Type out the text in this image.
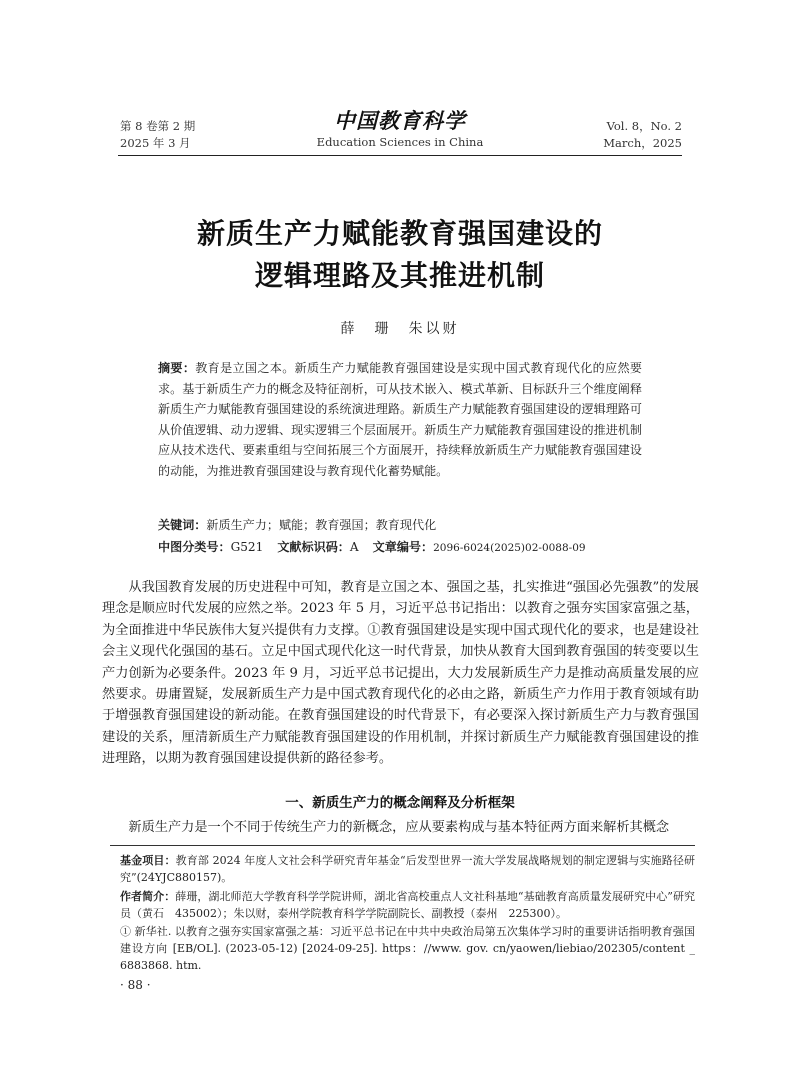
第 8 卷第 2 期
2025 年 3 月
中国教育科学
Education Sciences in China
Vol. 8，No. 2
March，2025
新质生产力赋能教育强国建设的
逻辑理路及其推进机制
薛　珊　朱以财
摘要：教育是立国之本。新质生产力赋能教育强国建设是实现中国式教育现代化的应然要求。基于新质生产力的概念及特征剖析，可从技术嵌入、模式革新、目标跃升三个维度阐释新质生产力赋能教育强国建设的系统演进理路。新质生产力赋能教育强国建设的逻辑理路可从价值逻辑、动力逻辑、现实逻辑三个层面展开。新质生产力赋能教育强国建设的推进机制应从技术迭代、要素重组与空间拓展三个方面展开，持续释放新质生产力赋能教育强国建设的动能，为推进教育强国建设与教育现代化蓄势赋能。
关键词：新质生产力；赋能；教育强国；教育现代化
中图分类号：G521 文献标识码：A 文章编号：2096-6024(2025)02-0088-09

从我国教育发展的历史进程中可知，教育是立国之本、强国之基，扎实推进“强国必先强教”的发展理念是顺应时代发展的应然之举。2023 年 5 月，习近平总书记指出：以教育之强夯实国家富强之基，为全面推进中华民族伟大复兴提供有力支撑。①教育强国建设是实现中国式现代化的要求，也是建设社会主义现代化强国的基石。立足中国式现代化这一时代背景，加快从教育大国到教育强国的转变要以生产力创新为必要条件。2023 年 9 月，习近平总书记提出，大力发展新质生产力是推动高质量发展的应然要求。毋庸置疑，发展新质生产力是中国式教育现代化的必由之路，新质生产力作用于教育领域有助于增强教育强国建设的新动能。在教育强国建设的时代背景下，有必要深入探讨新质生产力与教育强国建设的关系，厘清新质生产力赋能教育强国建设的作用机制，并探讨新质生产力赋能教育强国建设的推进理路，以期为教育强国建设提供新的路径参考。

一、新质生产力的概念阐释及分析框架
新质生产力是一个不同于传统生产力的新概念，应从要素构成与基本特征两方面来解析其概念
基金项目：教育部 2024 年度人文社会科学研究青年基金“后发型世界一流大学发展战略规划的制定逻辑与实施路径研究”(24YJC880157)。
作者简介：薛珊，湖北师范大学教育科学学院讲师，湖北省高校重点人文社科基地“基础教育高质量发展研究中心”研究员（黄石　435002）；朱以财，泰州学院教育科学学院副院长、副教授（泰州　225300）。
① 新华社. 以教育之强夯实国家富强之基：习近平总书记在中共中央政治局第五次集体学习时的重要讲话指明教育强国建设方向 [EB/OL]. (2023-05-12) [2024-09-25]. https：//www. gov. cn/yaowen/liebiao/202305/content _ 6883868. htm.
· 88 ·
